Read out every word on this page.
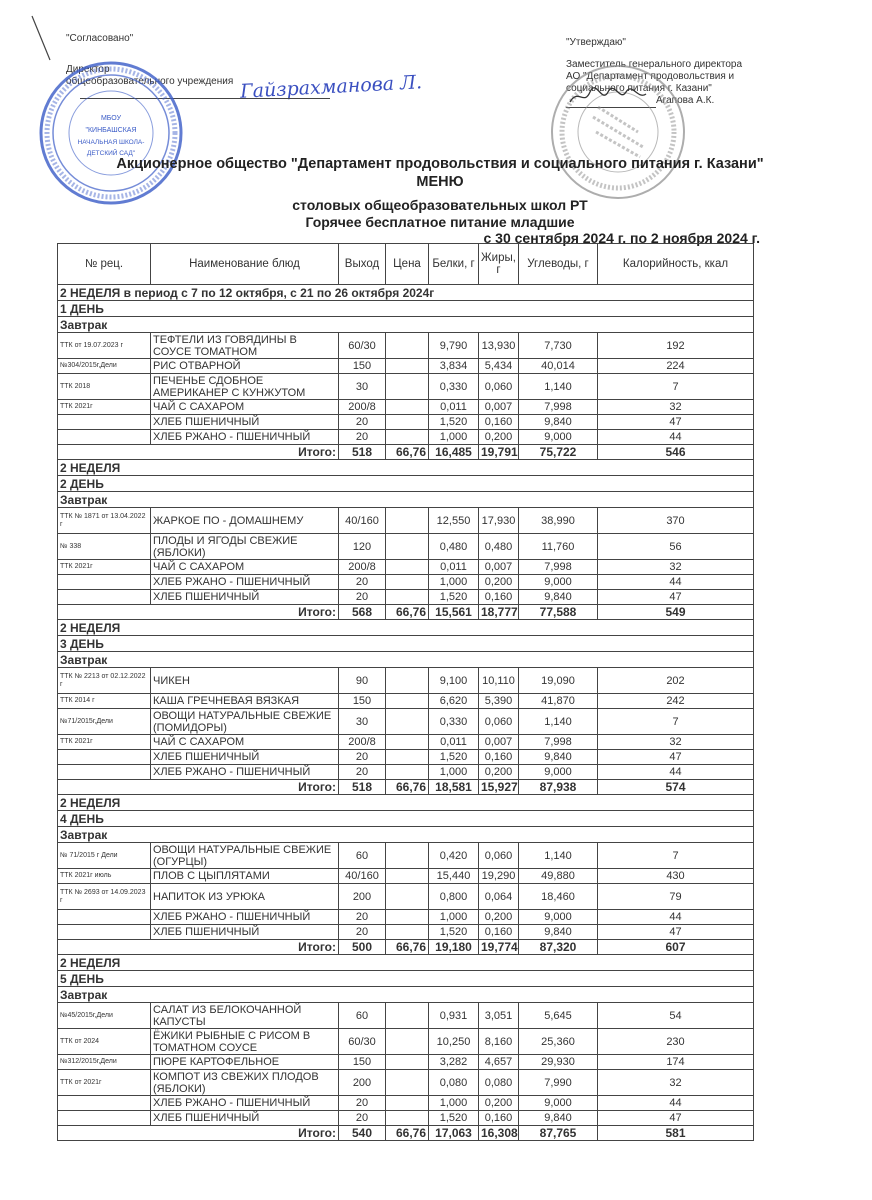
"Согласовано"
Директор
общеобразовательного учреждения Гайзрахманова Л.
"Утверждаю"
Заместитель генерального директора
АО "Департамент продовольствия и
социального питания г. Казани"
Агапова А.К.
МБОУ
"КИНБАШСКАЯ
НАЧАЛЬНАЯ ШКОЛА-
ДЕТСКИЙ САД"
Акционерное общество "Департамент продовольствия и социального питания г. Казани"
МЕНЮ
столовых общеобразовательных школ РТ
Горячее бесплатное питание младшие
с 30 сентября 2024 г. по 2 ноября 2024 г.
№ рец.	Наименование блюд	Выход	Цена	Белки, г	Жиры, г	Углеводы, г	Калорийность, ккал
2 НЕДЕЛЯ в период с 7 по 12 октября, с 21 по 26 октября 2024г							
1 ДЕНЬ							
Завтрак							
ТТК от 19.07.2023 г	ТЕФТЕЛИ ИЗ ГОВЯДИНЫ В СОУСЕ ТОМАТНОМ	60/30		9,790	13,930	7,730	192
№304/2015г,Дели	РИС ОТВАРНОЙ	150		3,834	5,434	40,014	224
ТТК 2018	ПЕЧЕНЬЕ СДОБНОЕ АМЕРИКАНЕР С КУНЖУТОМ	30		0,330	0,060	1,140	7
ТТК 2021г	ЧАЙ С САХАРОМ	200/8		0,011	0,007	7,998	32
	ХЛЕБ ПШЕНИЧНЫЙ	20		1,520	0,160	9,840	47
	ХЛЕБ РЖАНО - ПШЕНИЧНЫЙ	20		1,000	0,200	9,000	44
Итого:		518	66,76	16,485	19,791	75,722	546
2 НЕДЕЛЯ							
2 ДЕНЬ							
Завтрак							
ТТК № 1871 от 13.04.2022 г	ЖАРКОЕ ПО - ДОМАШНЕМУ	40/160		12,550	17,930	38,990	370
№ 338	ПЛОДЫ И ЯГОДЫ СВЕЖИЕ (ЯБЛОКИ)	120		0,480	0,480	11,760	56
ТТК 2021г	ЧАЙ С САХАРОМ	200/8		0,011	0,007	7,998	32
	ХЛЕБ РЖАНО - ПШЕНИЧНЫЙ	20		1,000	0,200	9,000	44
	ХЛЕБ ПШЕНИЧНЫЙ	20		1,520	0,160	9,840	47
Итого:		568	66,76	15,561	18,777	77,588	549
2 НЕДЕЛЯ							
3 ДЕНЬ							
Завтрак							
ТТК № 2213 от 02.12.2022 г	ЧИКЕН	90		9,100	10,110	19,090	202
ТТК 2014 г	КАША ГРЕЧНЕВАЯ ВЯЗКАЯ	150		6,620	5,390	41,870	242
№71/2015г,Дели	ОВОЩИ НАТУРАЛЬНЫЕ СВЕЖИЕ (ПОМИДОРЫ)	30		0,330	0,060	1,140	7
ТТК 2021г	ЧАЙ С САХАРОМ	200/8		0,011	0,007	7,998	32
	ХЛЕБ ПШЕНИЧНЫЙ	20		1,520	0,160	9,840	47
	ХЛЕБ РЖАНО - ПШЕНИЧНЫЙ	20		1,000	0,200	9,000	44
Итого:		518	66,76	18,581	15,927	87,938	574
2 НЕДЕЛЯ							
4 ДЕНЬ							
Завтрак							
№ 71/2015 г Дели	ОВОЩИ НАТУРАЛЬНЫЕ СВЕЖИЕ (ОГУРЦЫ)	60		0,420	0,060	1,140	7
ТТК 2021г июль	ПЛОВ С ЦЫПЛЯТАМИ	40/160		15,440	19,290	49,880	430
ТТК № 2693 от 14.09.2023 г	НАПИТОК ИЗ УРЮКА	200		0,800	0,064	18,460	79
	ХЛЕБ РЖАНО - ПШЕНИЧНЫЙ	20		1,000	0,200	9,000	44
	ХЛЕБ ПШЕНИЧНЫЙ	20		1,520	0,160	9,840	47
Итого:		500	66,76	19,180	19,774	87,320	607
2 НЕДЕЛЯ							
5 ДЕНЬ							
Завтрак							
№45/2015г,Дели	САЛАТ ИЗ БЕЛОКОЧАННОЙ КАПУСТЫ	60		0,931	3,051	5,645	54
ТТК от 2024	ЁЖИКИ РЫБНЫЕ С РИСОМ В ТОМАТНОМ СОУСЕ	60/30		10,250	8,160	25,360	230
№312/2015г,Дели	ПЮРЕ КАРТОФЕЛЬНОЕ	150		3,282	4,657	29,930	174
ТТК от 2021г	КОМПОТ ИЗ СВЕЖИХ ПЛОДОВ (ЯБЛОКИ)	200		0,080	0,080	7,990	32
	ХЛЕБ РЖАНО - ПШЕНИЧНЫЙ	20		1,000	0,200	9,000	44
	ХЛЕБ ПШЕНИЧНЫЙ	20		1,520	0,160	9,840	47
Итого:		540	66,76	17,063	16,308	87,765	581
